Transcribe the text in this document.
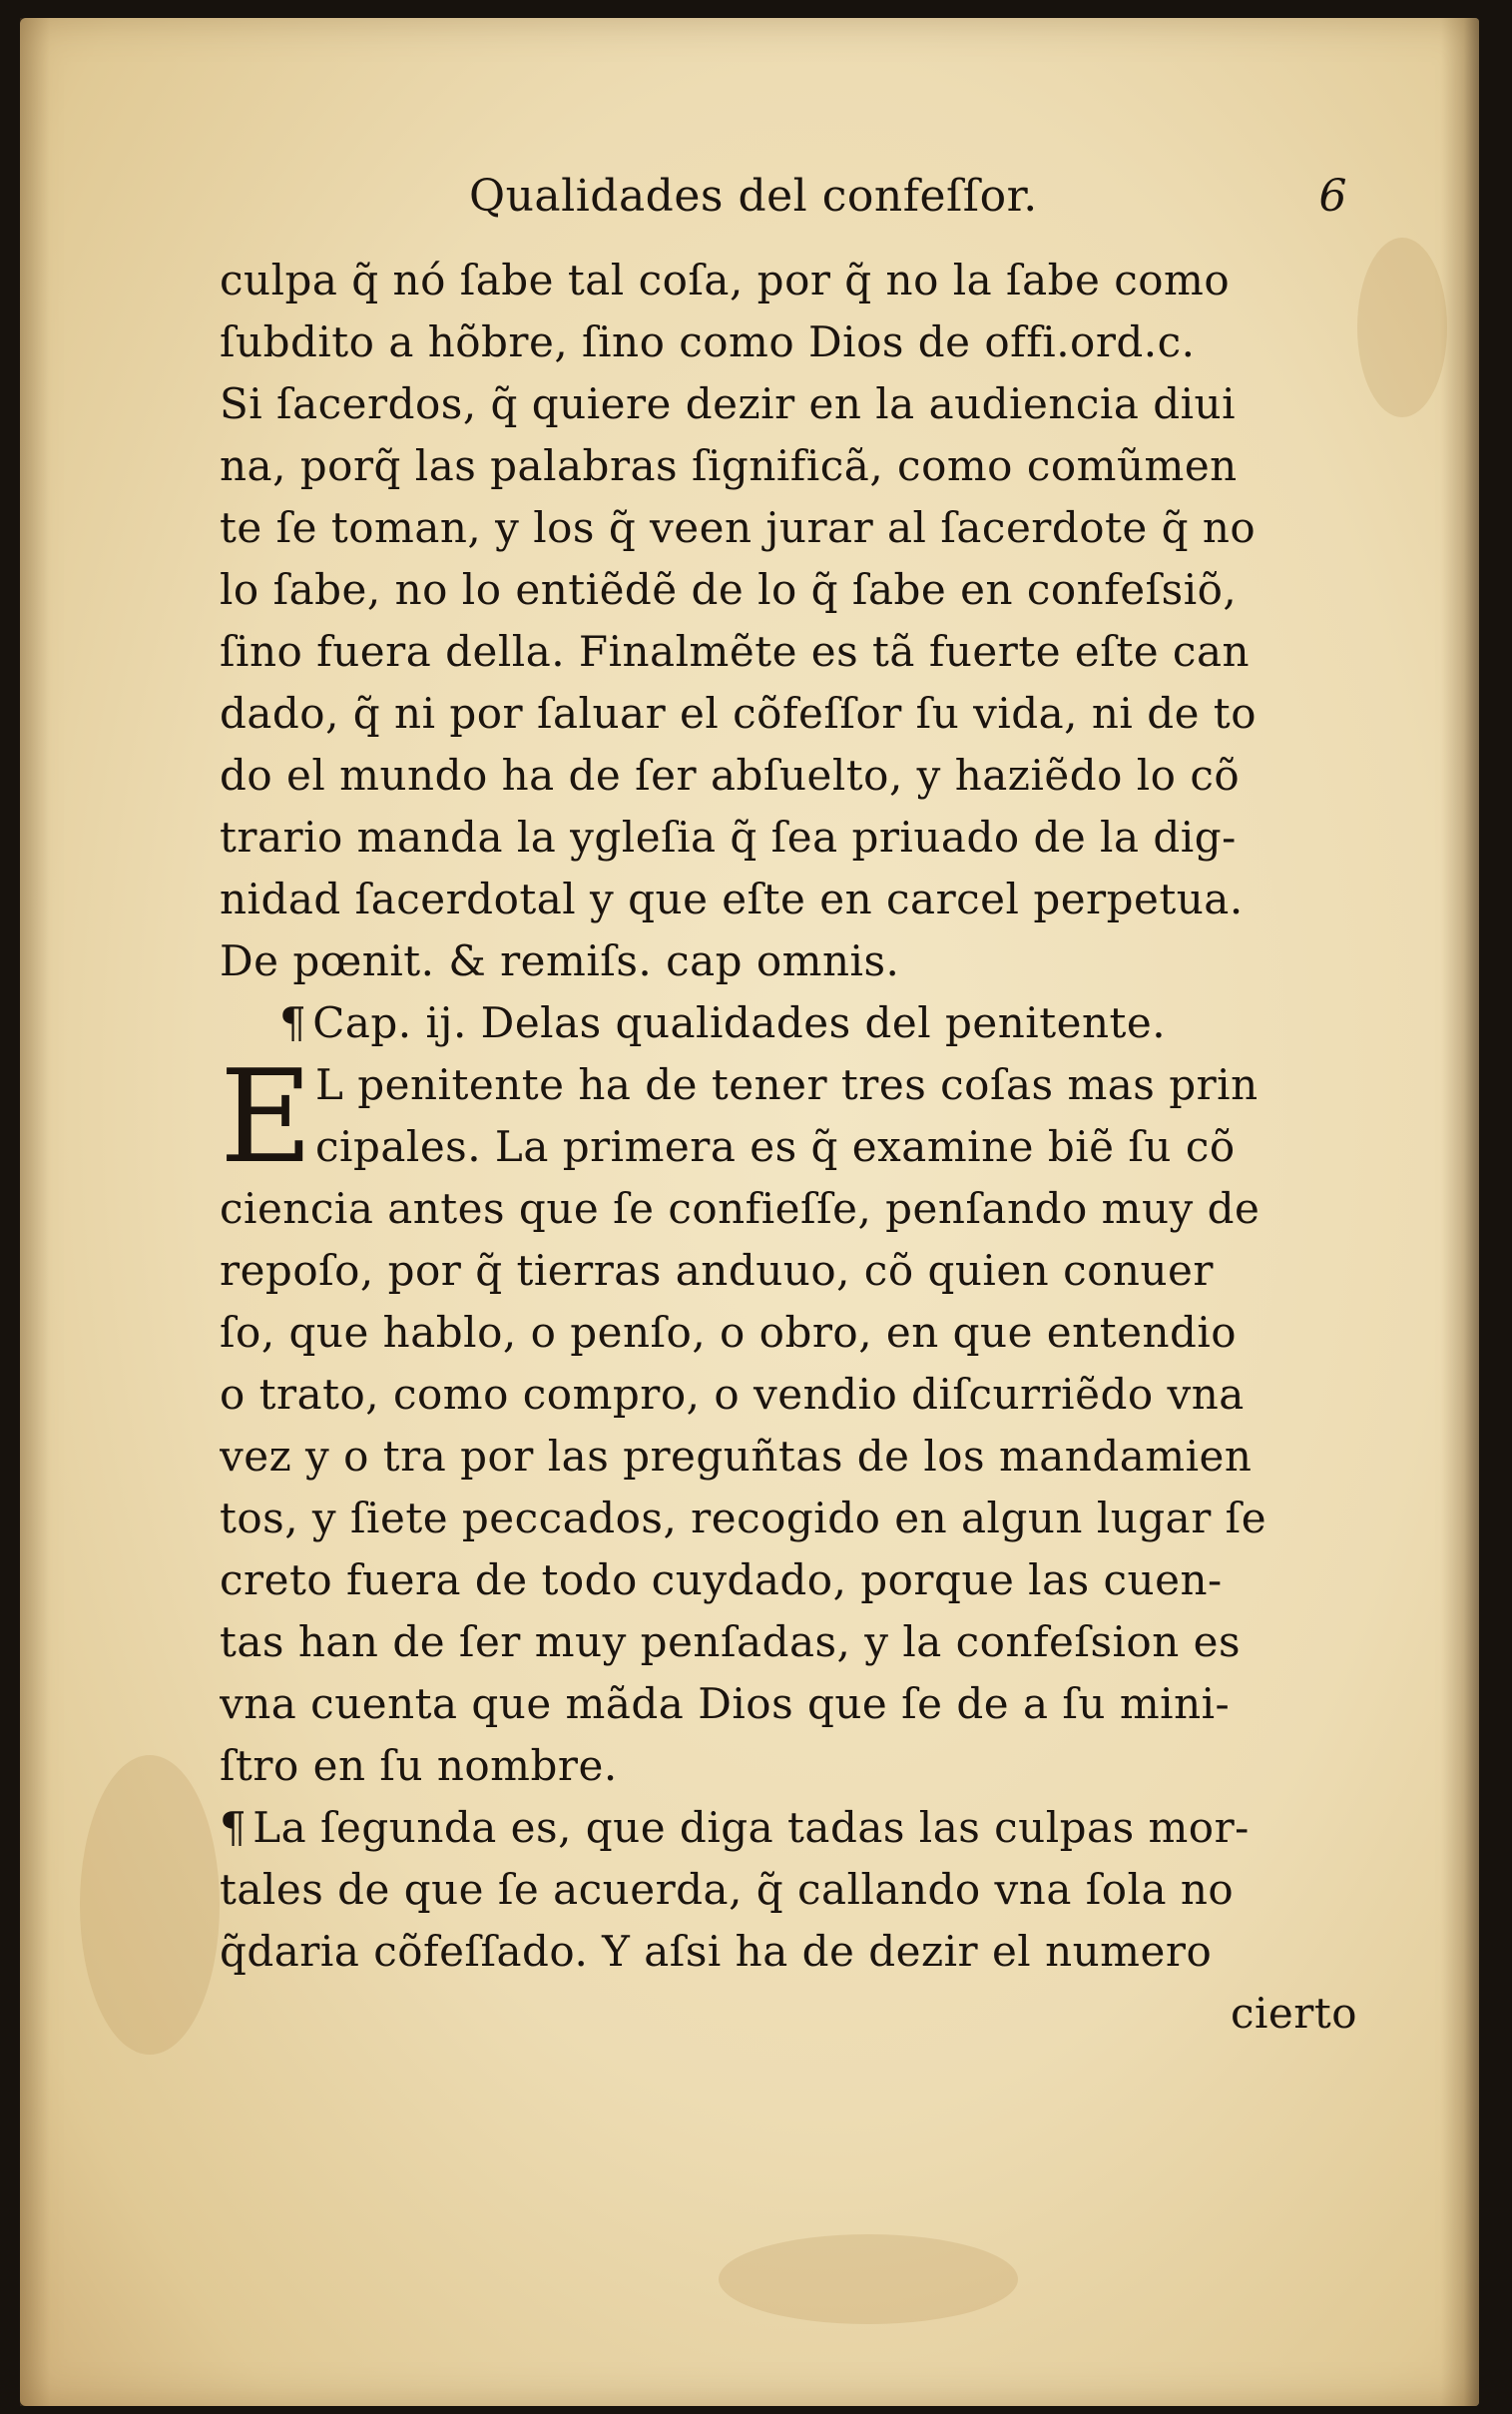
Qualidades del confeſſor.	6
culpa q̃ nó ſabe tal coſa, por q̃ no la ſabe como
ſubdito a hõbre, ſino como Dios de offi.ord.c.
Si ſacerdos, q̃ quiere dezir en la audiencia diui
na, porq̃ las palabras ſignificã, como comũmen
te ſe toman, y los q̃ veen jurar al ſacerdote q̃ no
lo ſabe, no lo entiẽdẽ de lo q̃ ſabe en confeſsiõ,
ſino fuera della. Finalmẽte es tã fuerte eſte can
dado, q̃ ni por ſaluar el cõfeſſor ſu vida, ni de to
do el mundo ha de ſer abſuelto, y haziẽdo lo cõ
trario manda la ygleſia q̃ ſea priuado de la dig-
nidad ſacerdotal y que eſte en carcel perpetua.
De pœnit. & remiſs. cap omnis.
¶ Cap. ij. Delas qualidades del penitente.
E L penitente ha de tener tres coſas mas prin
cipales. La primera es q̃ examine biẽ ſu cõ
ciencia antes que ſe confieſſe, penſando muy de
repoſo, por q̃ tierras anduuo, cõ quien conuer
ſo, que hablo, o penſo, o obro, en que entendio
o trato, como compro, o vendio diſcurriẽdo vna
vez y o tra por las preguñtas de los mandamien
tos, y ſiete peccados, recogido en algun lugar ſe
creto fuera de todo cuydado, porque las cuen-
tas han de ſer muy penſadas, y la confeſsion es
vna cuenta que mãda Dios que ſe de a ſu mini-
ſtro en ſu nombre.
¶ La ſegunda es, que diga tadas las culpas mor-
tales de que ſe acuerda, q̃ callando vna ſola no
q̃daria cõfeſſado. Y aſsi ha de dezir el numero
cierto
